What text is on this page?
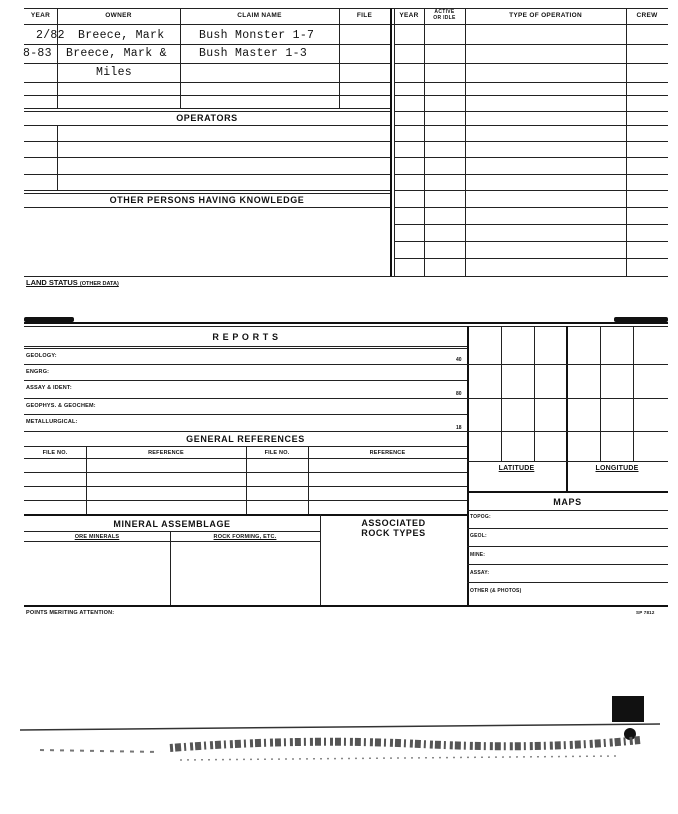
YEAR	OWNER	CLAIM NAME	FILE	YEAR	ACTIVE
OR IDLE	TYPE OF OPERATION	CREW
2/82 Breece, Mark	Bush Monster 1-7
8-83 Breece, Mark &	Bush Master 1-3
Miles
OPERATORS
OTHER PERSONS HAVING KNOWLEDGE
LAND STATUS (OTHER DATA)
R E P O R T S
GEOLOGY:
40
ENGRG:
ASSAY & IDENT:
80
GEOPHYS. & GEOCHEM:
METALLURGICAL:
18
GENERAL REFERENCES
FILE NO.	REFERENCE	FILE NO.	REFERENCE
MINERAL ASSEMBLAGE	ASSOCIATED
ROCK TYPES
ORE MINERALS	ROCK FORMING, ETC.
LATITUDE	LONGITUDE
MAPS
TOPOG:
GEOL:
MINE:
ASSAY:
OTHER (& PHOTOS)
POINTS MERITING ATTENTION:	SP 7812
